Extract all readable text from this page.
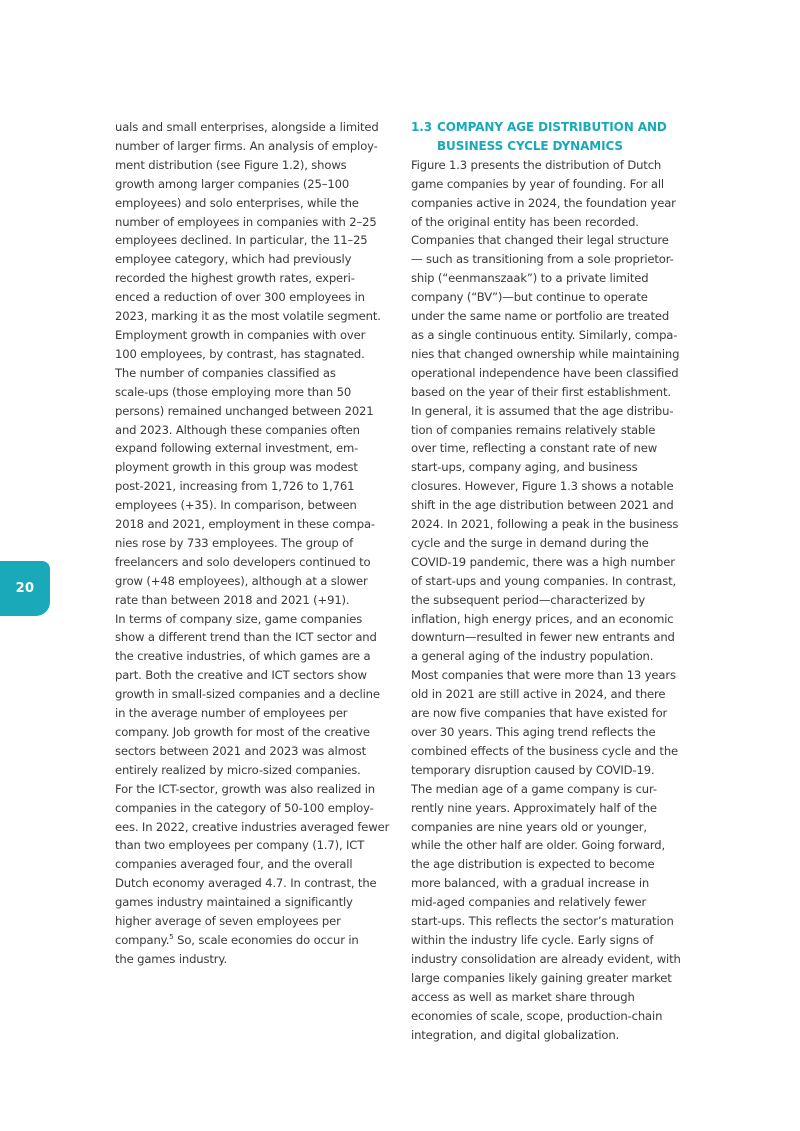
20
uals and small enterprises, alongside a limited
number of larger firms. An analysis of employ-
ment distribution (see Figure 1.2), shows
growth among larger companies (25–100
employees) and solo enterprises, while the
number of employees in companies with 2–25
employees declined. In particular, the 11–25
employee category, which had previously
recorded the highest growth rates, experi-
enced a reduction of over 300 employees in
2023, marking it as the most volatile segment.
Employment growth in companies with over
100 employees, by contrast, has stagnated.
The number of companies classified as
scale-ups (those employing more than 50
persons) remained unchanged between 2021
and 2023. Although these companies often
expand following external investment, em-
ployment growth in this group was modest
post-2021, increasing from 1,726 to 1,761
employees (+35). In comparison, between
2018 and 2021, employment in these compa-
nies rose by 733 employees. The group of
freelancers and solo developers continued to
grow (+48 employees), although at a slower
rate than between 2018 and 2021 (+91).
In terms of company size, game companies
show a different trend than the ICT sector and
the creative industries, of which games are a
part. Both the creative and ICT sectors show
growth in small-sized companies and a decline
in the average number of employees per
company. Job growth for most of the creative
sectors between 2021 and 2023 was almost
entirely realized by micro-sized companies.
For the ICT-sector, growth was also realized in
companies in the category of 50-100 employ-
ees. In 2022, creative industries averaged fewer
than two employees per company (1.7), ICT
companies averaged four, and the overall
Dutch economy averaged 4.7. In contrast, the
games industry maintained a significantly
higher average of seven employees per
company.$^5$ So, scale economies do occur in
the games industry.
1.3 COMPANY AGE DISTRIBUTION AND
BUSINESS CYCLE DYNAMICS
Figure 1.3 presents the distribution of Dutch
game companies by year of founding. For all
companies active in 2024, the foundation year
of the original entity has been recorded.
Companies that changed their legal structure
— such as transitioning from a sole proprietor-
ship (“eenmanszaak”) to a private limited
company (“BV”)—but continue to operate
under the same name or portfolio are treated
as a single continuous entity. Similarly, compa-
nies that changed ownership while maintaining
operational independence have been classified
based on the year of their first establishment.
In general, it is assumed that the age distribu-
tion of companies remains relatively stable
over time, reflecting a constant rate of new
start-ups, company aging, and business
closures. However, Figure 1.3 shows a notable
shift in the age distribution between 2021 and
2024. In 2021, following a peak in the business
cycle and the surge in demand during the
COVID-19 pandemic, there was a high number
of start-ups and young companies. In contrast,
the subsequent period—characterized by
inflation, high energy prices, and an economic
downturn—resulted in fewer new entrants and
a general aging of the industry population.
Most companies that were more than 13 years
old in 2021 are still active in 2024, and there
are now five companies that have existed for
over 30 years. This aging trend reflects the
combined effects of the business cycle and the
temporary disruption caused by COVID-19.
The median age of a game company is cur-
rently nine years. Approximately half of the
companies are nine years old or younger,
while the other half are older. Going forward,
the age distribution is expected to become
more balanced, with a gradual increase in
mid-aged companies and relatively fewer
start-ups. This reflects the sector’s maturation
within the industry life cycle. Early signs of
industry consolidation are already evident, with
large companies likely gaining greater market
access as well as market share through
economies of scale, scope, production-chain
integration, and digital globalization.
